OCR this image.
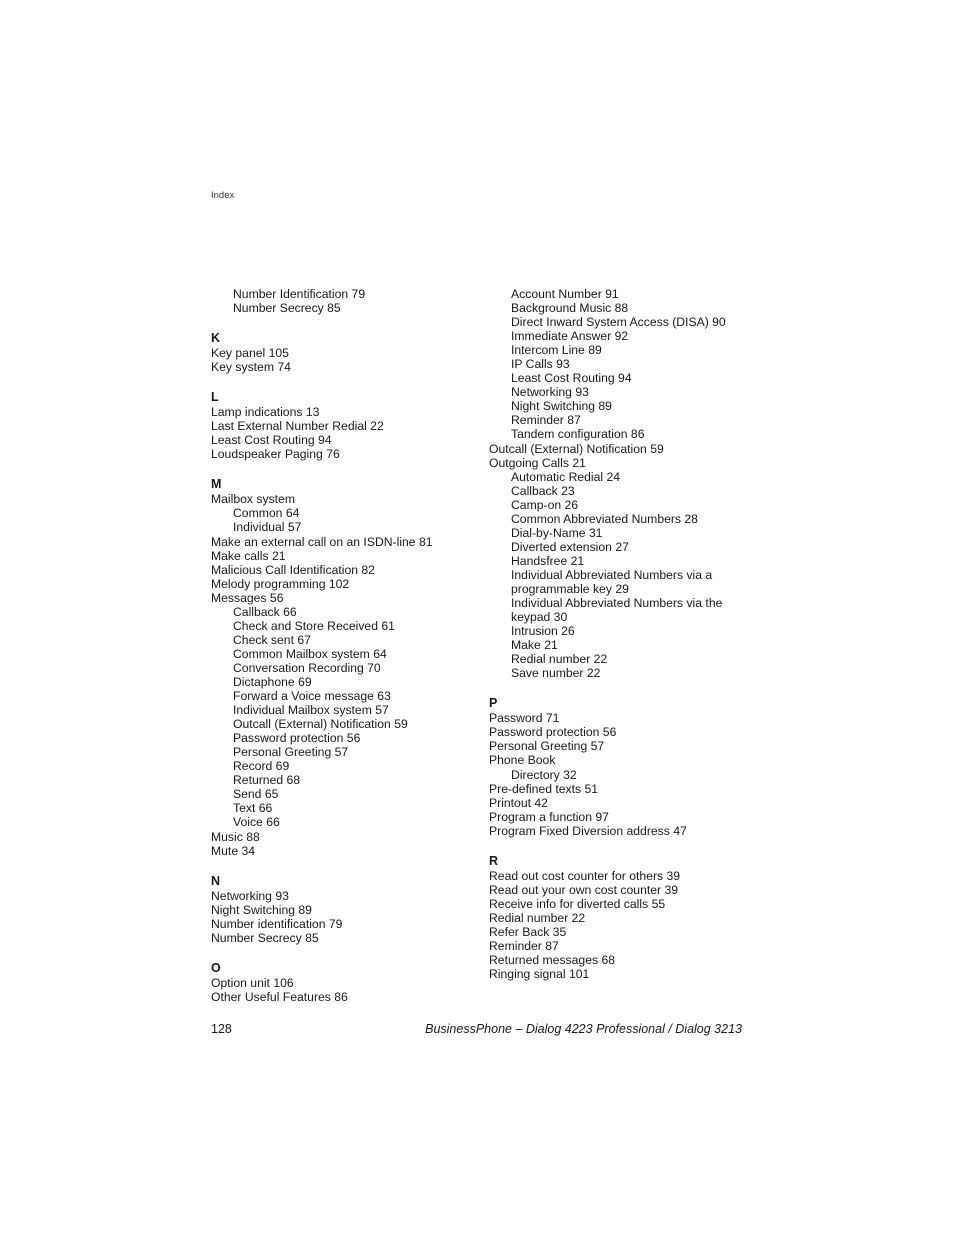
Index
Number Identification 79
Number Secrecy 85
K
Key panel 105
Key system 74
L
Lamp indications 13
Last External Number Redial 22
Least Cost Routing 94
Loudspeaker Paging 76
M
Mailbox system
Common 64
Individual 57
Make an external call on an ISDN-line 81
Make calls 21
Malicious Call Identification 82
Melody programming 102
Messages 56
Callback 66
Check and Store Received 61
Check sent 67
Common Mailbox system 64
Conversation Recording 70
Dictaphone 69
Forward a Voice message 63
Individual Mailbox system 57
Outcall (External) Notification 59
Password protection 56
Personal Greeting 57
Record 69
Returned 68
Send 65
Text 66
Voice 66
Music 88
Mute 34
N
Networking 93
Night Switching 89
Number identification 79
Number Secrecy 85
O
Option unit 106
Other Useful Features 86
Account Number 91
Background Music 88
Direct Inward System Access (DISA) 90
Immediate Answer 92
Intercom Line 89
IP Calls 93
Least Cost Routing 94
Networking 93
Night Switching 89
Reminder 87
Tandem configuration 86
Outcall (External) Notification 59
Outgoing Calls 21
Automatic Redial 24
Callback 23
Camp-on 26
Common Abbreviated Numbers 28
Dial-by-Name 31
Diverted extension 27
Handsfree 21
Individual Abbreviated Numbers via a
programmable key 29
Individual Abbreviated Numbers via the
keypad 30
Intrusion 26
Make 21
Redial number 22
Save number 22
P
Password 71
Password protection 56
Personal Greeting 57
Phone Book
Directory 32
Pre-defined texts 51
Printout 42
Program a function 97
Program Fixed Diversion address 47
R
Read out cost counter for others 39
Read out your own cost counter 39
Receive info for diverted calls 55
Redial number 22
Refer Back 35
Reminder 87
Returned messages 68
Ringing signal 101
128	BusinessPhone – Dialog 4223 Professional / Dialog 3213
